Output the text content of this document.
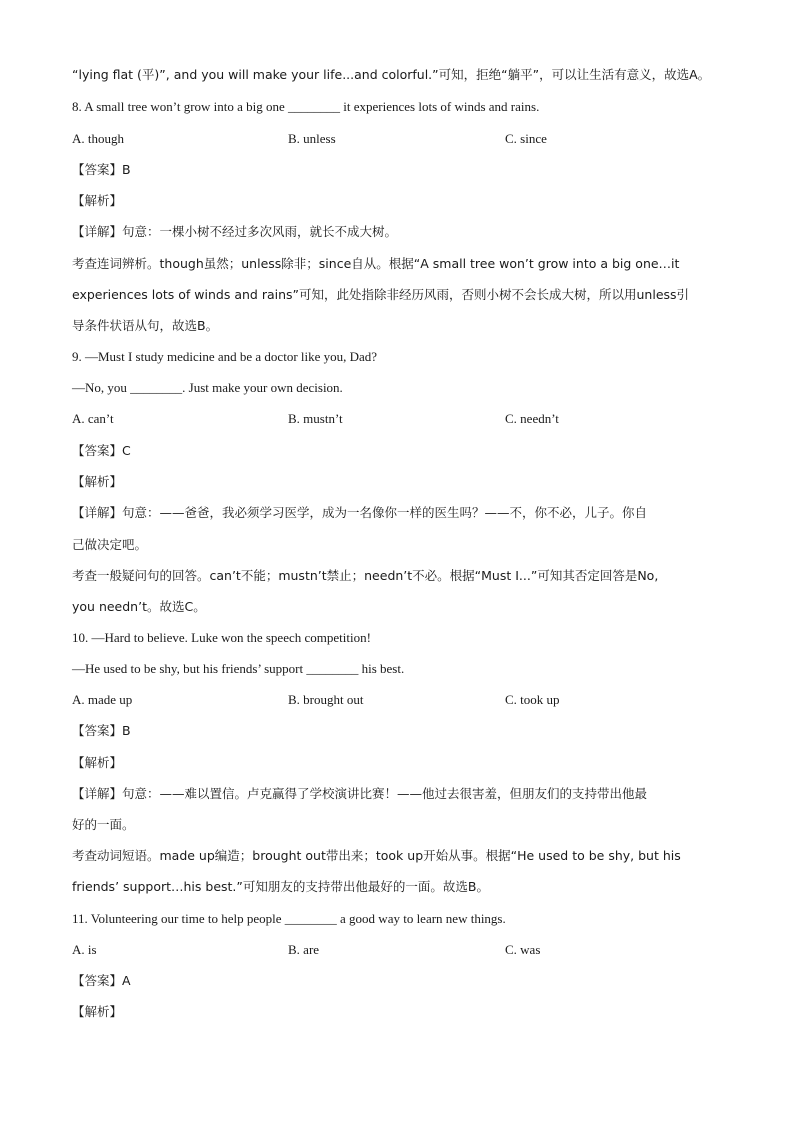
“lying flat (平)”, and you will make your life...and colorful.”可知，拒绝“躺平”，可以让生活有意义，故选A。
8. A small tree won’t grow into a big one ________ it experiences lots of winds and rains.
A. though	B. unless	C. since
【答案】B
【解析】
【详解】句意：一棵小树不经过多次风雨，就长不成大树。
考查连词辨析。though虽然；unless除非；since自从。根据“A small tree won’t grow into a big one…it
experiences lots of winds and rains”可知，此处指除非经历风雨，否则小树不会长成大树，所以用unless引
导条件状语从句，故选B。
9. —Must I study medicine and be a doctor like you, Dad?
—No, you ________. Just make your own decision.
A. can’t	B. mustn’t	C. needn’t
【答案】C
【解析】
【详解】句意：——爸爸，我必须学习医学，成为一名像你一样的医生吗？——不，你不必，儿子。你自
己做决定吧。
考查一般疑问句的回答。can’t不能；mustn’t禁止；needn’t不必。根据“Must I...”可知其否定回答是No,
you needn’t。故选C。
10. —Hard to believe. Luke won the speech competition!
—He used to be shy, but his friends’ support ________ his best.
A. made up	B. brought out	C. took up
【答案】B
【解析】
【详解】句意：——难以置信。卢克赢得了学校演讲比赛！——他过去很害羞，但朋友们的支持带出他最
好的一面。
考查动词短语。made up编造；brought out带出来；took up开始从事。根据“He used to be shy, but his
friends’ support…his best.”可知朋友的支持带出他最好的一面。故选B。
11. Volunteering our time to help people ________ a good way to learn new things.
A. is	B. are	C. was
【答案】A
【解析】
